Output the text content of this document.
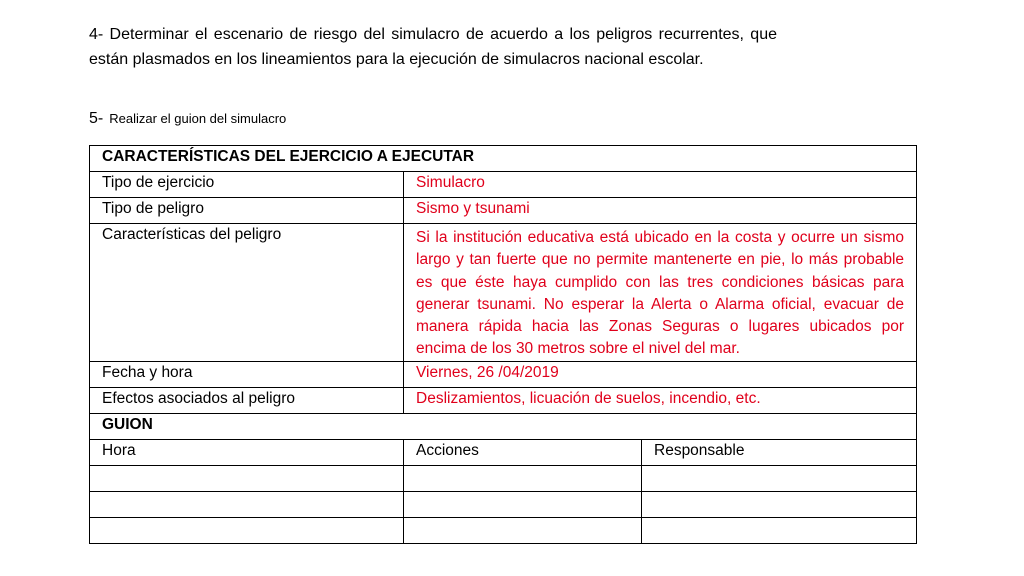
4- Determinar el escenario de riesgo del simulacro de acuerdo a los peligros recurrentes, que
están plasmados en los lineamientos para la ejecución de simulacros nacional escolar.

5- Realizar el guion del simulacro
CARACTERÍSTICAS DEL EJERCICIO A EJECUTAR		
Tipo de ejercicio	Simulacro	
Tipo de peligro	Sismo y tsunami	
Características del peligro	Si la institución educativa está ubicado en la costa y ocurre un sismo largo y tan fuerte que no permite mantenerte en pie, lo más probable es que éste haya cumplido con las tres condiciones básicas para generar tsunami. No esperar la Alerta o Alarma oficial, evacuar de manera rápida hacia las Zonas Seguras o lugares ubicados por encima de los 30 metros sobre el nivel del mar.	
Fecha y hora	Viernes, 26 /04/2019	
Efectos asociados al peligro	Deslizamientos, licuación de suelos, incendio, etc.	
GUION		
Hora	Acciones	Responsable
